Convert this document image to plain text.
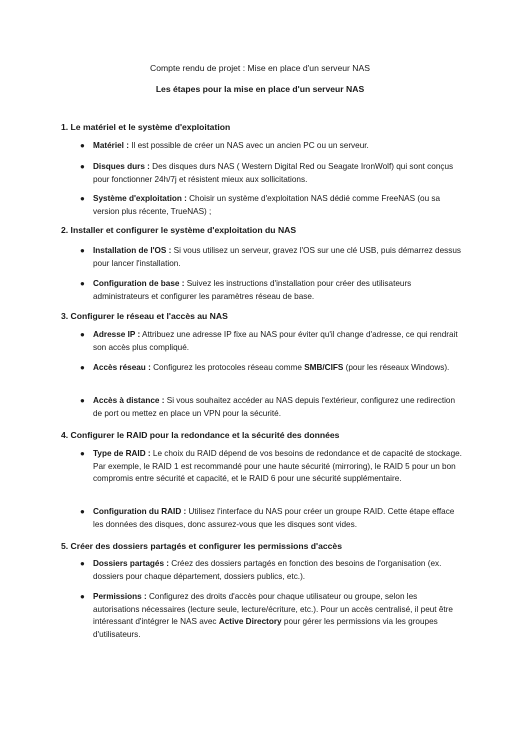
Compte rendu de projet : Mise en place d'un serveur NAS
Les étapes pour la mise en place d'un serveur NAS
1. Le matériel et le système d'exploitation
● Matériel : Il est possible de créer un NAS avec un ancien PC ou un serveur.
● Disques durs : Des disques durs NAS ( Western Digital Red ou Seagate IronWolf) qui sont conçus pour fonctionner 24h/7j et résistent mieux aux sollicitations.
● Système d'exploitation : Choisir un système d'exploitation NAS dédié comme FreeNAS (ou sa version plus récente, TrueNAS) ;
2. Installer et configurer le système d'exploitation du NAS
● Installation de l'OS : Si vous utilisez un serveur, gravez l'OS sur une clé USB, puis démarrez dessus pour lancer l'installation.
● Configuration de base : Suivez les instructions d'installation pour créer des utilisateurs administrateurs et configurer les paramètres réseau de base.
3. Configurer le réseau et l'accès au NAS
● Adresse IP : Attribuez une adresse IP fixe au NAS pour éviter qu'il change d'adresse, ce qui rendrait son accès plus compliqué.
● Accès réseau : Configurez les protocoles réseau comme SMB/CIFS (pour les réseaux Windows).
● Accès à distance : Si vous souhaitez accéder au NAS depuis l'extérieur, configurez une redirection de port ou mettez en place un VPN pour la sécurité.
4. Configurer le RAID pour la redondance et la sécurité des données
● Type de RAID : Le choix du RAID dépend de vos besoins de redondance et de capacité de stockage. Par exemple, le RAID 1 est recommandé pour une haute sécurité (mirroring), le RAID 5 pour un bon compromis entre sécurité et capacité, et le RAID 6 pour une sécurité supplémentaire.
● Configuration du RAID : Utilisez l'interface du NAS pour créer un groupe RAID. Cette étape efface les données des disques, donc assurez-vous que les disques sont vides.
5. Créer des dossiers partagés et configurer les permissions d'accès
● Dossiers partagés : Créez des dossiers partagés en fonction des besoins de l'organisation (ex. dossiers pour chaque département, dossiers publics, etc.).
● Permissions : Configurez des droits d'accès pour chaque utilisateur ou groupe, selon les autorisations nécessaires (lecture seule, lecture/écriture, etc.). Pour un accès centralisé, il peut être intéressant d'intégrer le NAS avec Active Directory pour gérer les permissions via les groupes d'utilisateurs.
